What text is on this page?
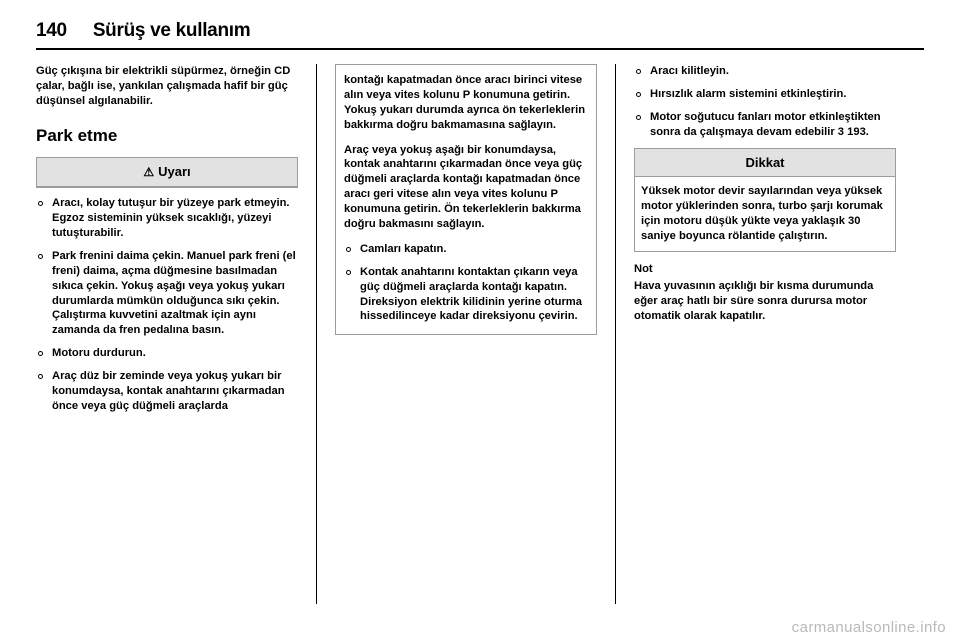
140 Sürüş ve kullanım

Güç çıkışına bir elektrikli süpürmez, örneğin CD çalar, bağlı ise, yankılan çalışmada hafif bir güç düşünsel algılanabilir.

Park etme
⚠ Uyarı
Aracı, kolay tutuşur bir yüzeye park etmeyin. Egzoz sisteminin yüksek sıcaklığı, yüzeyi tutuşturabilir.
Park frenini daima çekin. Manuel park freni (el freni) daima, açma düğmesine basılmadan sıkıca çekin. Yokuş aşağı veya yokuş yukarı durumlarda mümkün olduğunca sıkı çekin. Çalıştırma kuvvetini azaltmak için aynı zamanda da fren pedalına basın.
Motoru durdurun.
Araç düz bir zeminde veya yokuş yukarı bir konumdaysa, kontak anahtarını çıkarmadan önce veya güç düğmeli araçlarda

kontağı kapatmadan önce aracı birinci vitese alın veya vites kolunu P konumuna getirin. Yokuş yukarı durumda ayrıca ön tekerleklerin bakkırma doğru bakmamasına sağlayın.

Araç veya yokuş aşağı bir konumdaysa, kontak anahtarını çıkarmadan önce veya güç düğmeli araçlarda kontağı kapatmadan önce aracı geri vitese alın veya vites kolunu P konumuna getirin. Ön tekerleklerin bakkırma doğru bakmasını sağlayın.

Camları kapatın.
Kontak anahtarını kontaktan çıkarın veya güç düğmeli araçlarda kontağı kapatın. Direksiyon elektrik kilidinin yerine oturma hissedilinceye kadar direksiyonu çevirin.
Aracı kilitleyin.
Hırsızlık alarm sistemini etkinleştirin.
Motor soğutucu fanları motor etkinleştikten sonra da çalışmaya devam edebilir 3 193.
Dikkat
Yüksek motor devir sayılarından veya yüksek motor yüklerinden sonra, turbo şarjı korumak için motoru düşük yükte veya yaklaşık 30 saniye boyunca rölantide çalıştırın.
Not

Hava yuvasının açıklığı bir kısma durumunda eğer araç hatlı bir süre sonra durursa motor otomatik olarak kapatılır.

carmanualsonline.info
